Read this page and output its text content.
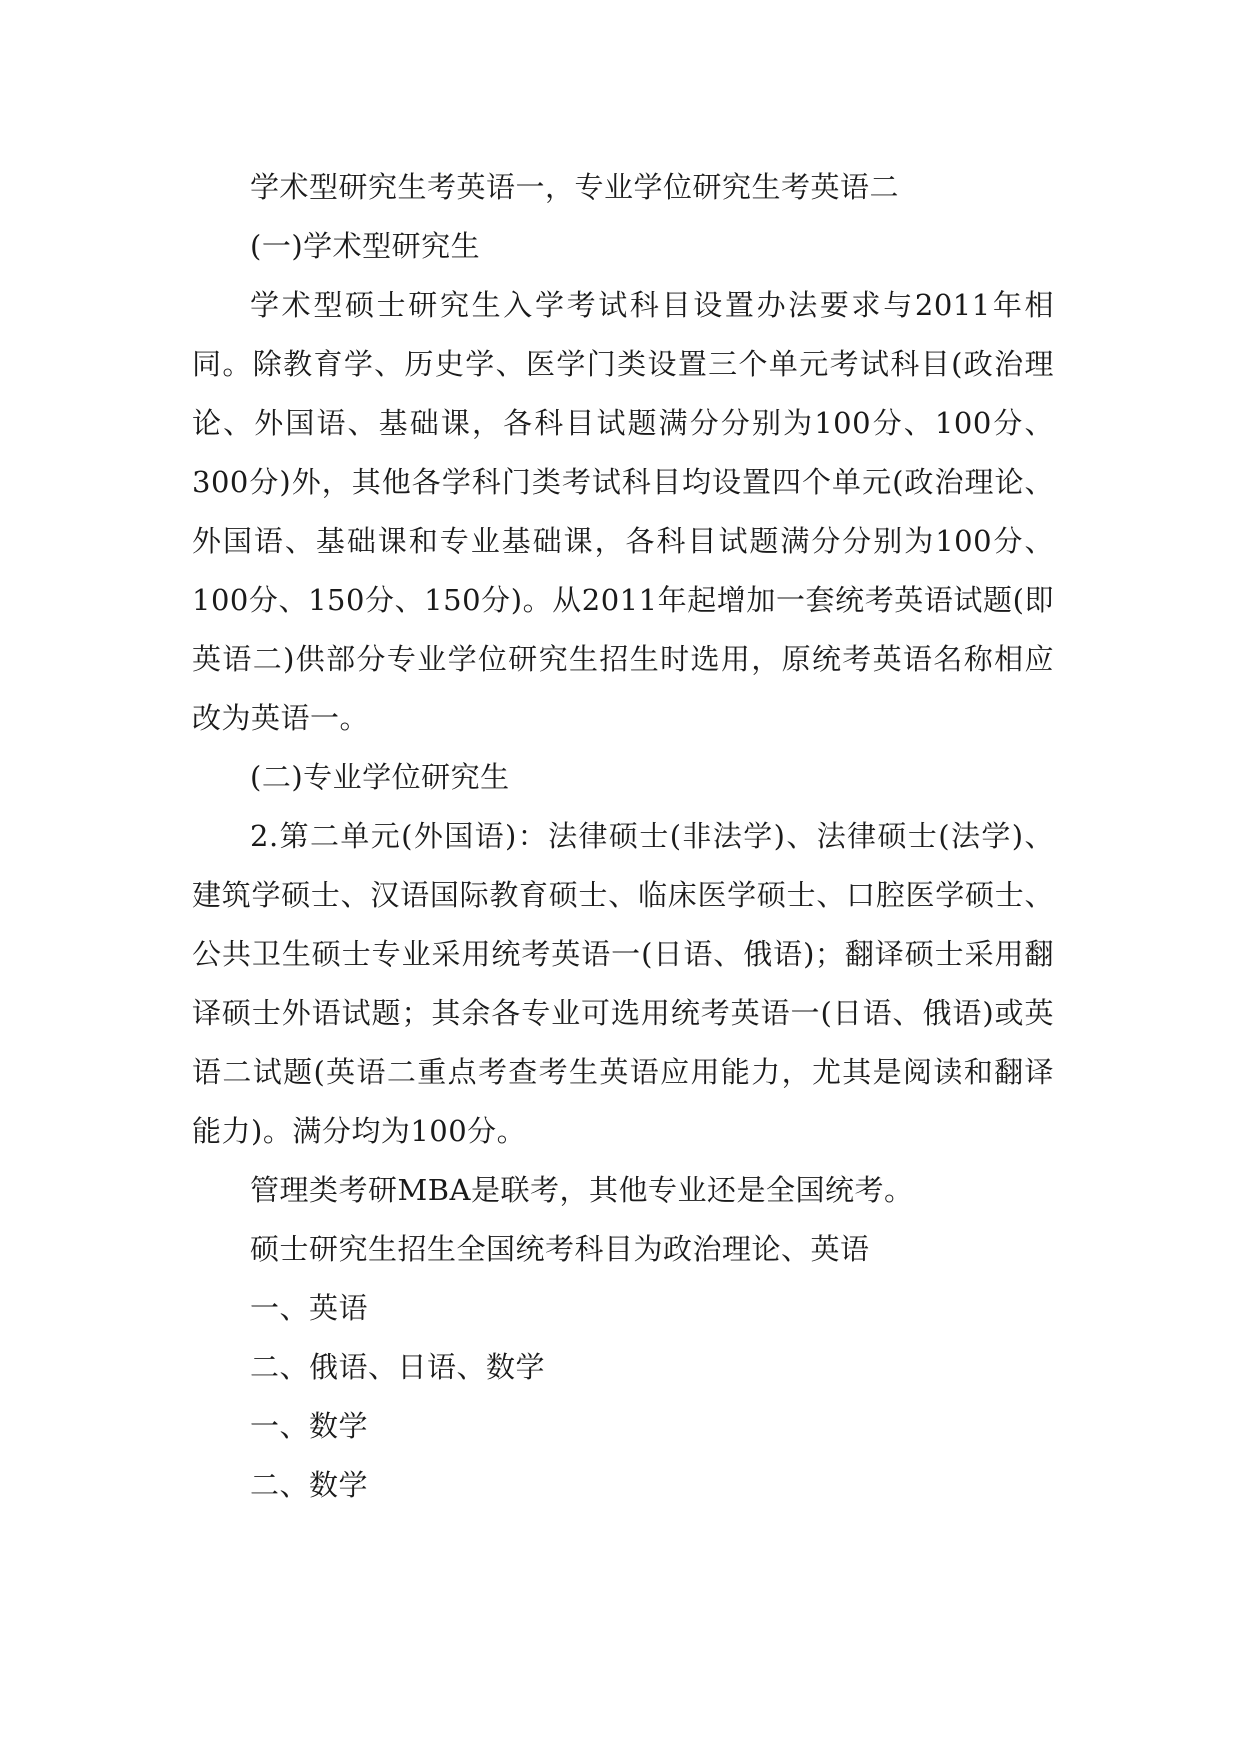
学术型研究生考英语一，专业学位研究生考英语二

(一)学术型研究生

学术型硕士研究生入学考试科目设置办法要求与2011年相同。除教育学、历史学、医学门类设置三个单元考试科目(政治理论、外国语、基础课，各科目试题满分分别为100分、100分、300分)外，其他各学科门类考试科目均设置四个单元(政治理论、外国语、基础课和专业基础课，各科目试题满分分别为100分、100分、150分、150分)。从2011年起增加一套统考英语试题(即英语二)供部分专业学位研究生招生时选用，原统考英语名称相应改为英语一。

(二)专业学位研究生

2.第二单元(外国语)：法律硕士(非法学)、法律硕士(法学)、建筑学硕士、汉语国际教育硕士、临床医学硕士、口腔医学硕士、公共卫生硕士专业采用统考英语一(日语、俄语)；翻译硕士采用翻译硕士外语试题；其余各专业可选用统考英语一(日语、俄语)或英语二试题(英语二重点考查考生英语应用能力，尤其是阅读和翻译能力)。满分均为100分。

管理类考研MBA是联考，其他专业还是全国统考。

硕士研究生招生全国统考科目为政治理论、英语

一、英语

二、俄语、日语、数学

一、数学

二、数学
